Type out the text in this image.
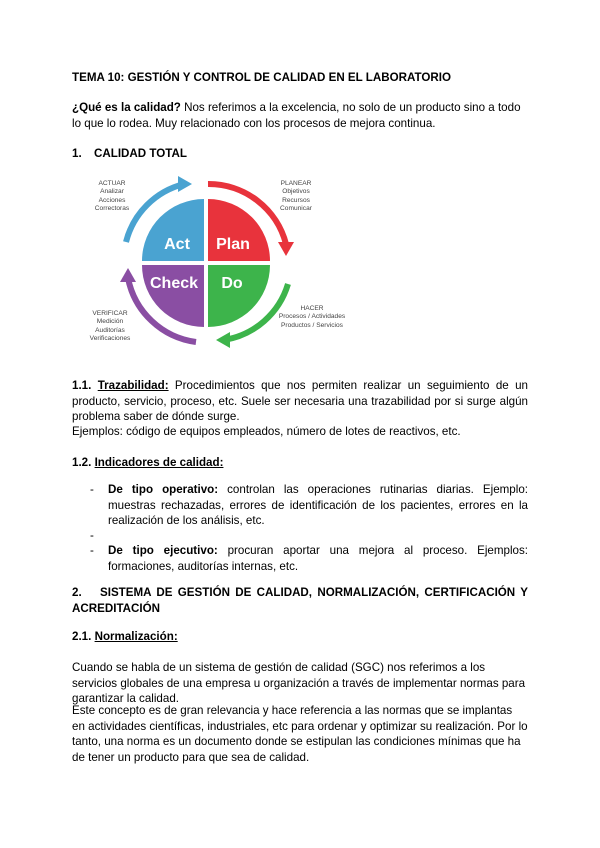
TEMA 10: GESTIÓN Y CONTROL DE CALIDAD EN EL LABORATORIO

¿Qué es la calidad? Nos referimos a la excelencia, no solo de un producto sino a todo lo que lo rodea. Muy relacionado con los procesos de mejora continua.

1. CALIDAD TOTAL

Act Plan
Check Do
ACTUAR
Analizar
Acciones
Correctoras
PLANEAR
Objetivos
Recursos
Comunicar
HACER
Procesos / Actividades
Productos / Servicios
VERIFICAR
Medición
Auditorías
Verificaciones

1.1. Trazabilidad: Procedimientos que nos permiten realizar un seguimiento de un producto, servicio, proceso, etc. Suele ser necesaria una trazabilidad por si surge algún problema saber de dónde surge.

Ejemplos: código de equipos empleados, número de lotes de reactivos, etc.

1.2. Indicadores de calidad:

- De tipo operativo: controlan las operaciones rutinarias diarias. Ejemplo: muestras rechazadas, errores de identificación de los pacientes, errores en la realización de los análisis, etc.
-

- De tipo ejecutivo: procuran aportar una mejora al proceso. Ejemplos: formaciones, auditorías internas, etc.

2. SISTEMA DE GESTIÓN DE CALIDAD, NORMALIZACIÓN, CERTIFICACIÓN Y ACREDITACIÓN

2.1. Normalización:

Cuando se habla de un sistema de gestión de calidad (SGC) nos referimos a los servicios globales de una empresa u organización a través de implementar normas para garantizar la calidad.

Este concepto es de gran relevancia y hace referencia a las normas que se implantas en actividades científicas, industriales, etc para ordenar y optimizar su realización. Por lo tanto, una norma es un documento donde se estipulan las condiciones mínimas que ha de tener un producto para que sea de calidad.
